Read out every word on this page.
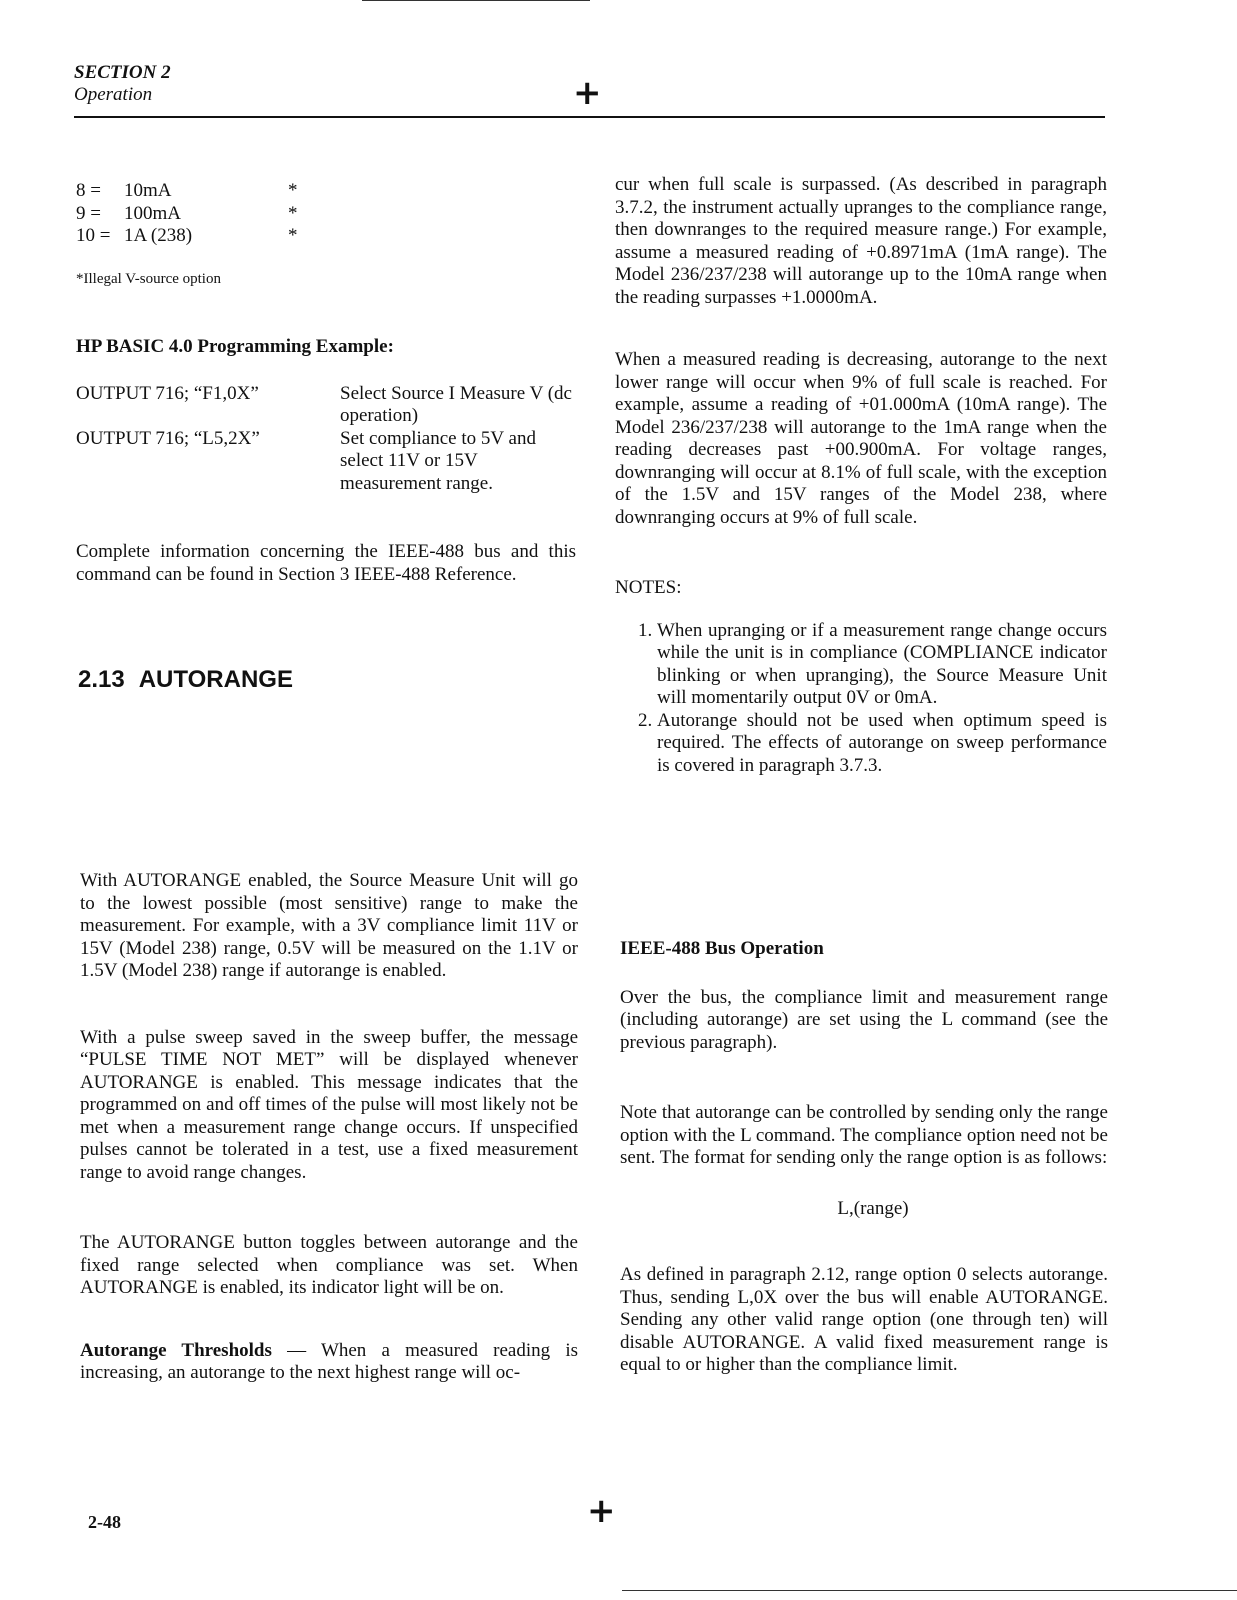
SECTION 2
Operation	+
8 =	10mA	*
9 =	100mA	*
10 =	1A (238)	*

*Illegal V-source option

HP BASIC 4.0 Programming Example:

OUTPUT 716; “F1,0X”	Select Source I Measure V (dc operation)
OUTPUT 716; “L5,2X”	Set compliance to 5V and select 11V or 15V measurement range.

Complete information concerning the IEEE-488 bus and this command can be found in Section 3 IEEE-488 Reference.

2.13 AUTORANGE

With AUTORANGE enabled, the Source Measure Unit will go to the lowest possible (most sensitive) range to make the measurement. For example, with a 3V compliance limit 11V or 15V (Model 238) range, 0.5V will be measured on the 1.1V or 1.5V (Model 238) range if autorange is enabled.

With a pulse sweep saved in the sweep buffer, the message “PULSE TIME NOT MET” will be displayed whenever AUTORANGE is enabled. This message indicates that the programmed on and off times of the pulse will most likely not be met when a measurement range change occurs. If unspecified pulses cannot be tolerated in a test, use a fixed measurement range to avoid range changes.

The AUTORANGE button toggles between autorange and the fixed range selected when compliance was set. When AUTORANGE is enabled, its indicator light will be on.

Autorange Thresholds — When a measured reading is increasing, an autorange to the next highest range will oc-

cur when full scale is surpassed. (As described in paragraph 3.7.2, the instrument actually upranges to the compliance range, then downranges to the required measure range.) For example, assume a measured reading of +0.8971mA (1mA range). The Model 236/237/238 will autorange up to the 10mA range when the reading surpasses +1.0000mA.

When a measured reading is decreasing, autorange to the next lower range will occur when 9% of full scale is reached. For example, assume a reading of +01.000mA (10mA range). The Model 236/237/238 will autorange to the 1mA range when the reading decreases past +00.900mA. For voltage ranges, downranging will occur at 8.1% of full scale, with the exception of the 1.5V and 15V ranges of the Model 238, where downranging occurs at 9% of full scale.

NOTES:

1. When upranging or if a measurement range change occurs while the unit is in compliance (COMPLIANCE indicator blinking or when upranging), the Source Measure Unit will momentarily output 0V or 0mA.
2. Autorange should not be used when optimum speed is required. The effects of autorange on sweep performance is covered in paragraph 3.7.3.

IEEE-488 Bus Operation

Over the bus, the compliance limit and measurement range (including autorange) are set using the L command (see the previous paragraph).

Note that autorange can be controlled by sending only the range option with the L command. The compliance option need not be sent. The format for sending only the range option is as follows:

L,(range)

As defined in paragraph 2.12, range option 0 selects autorange. Thus, sending L,0X over the bus will enable AUTORANGE. Sending any other valid range option (one through ten) will disable AUTORANGE. A valid fixed measurement range is equal to or higher than the compliance limit.

+
2-48
